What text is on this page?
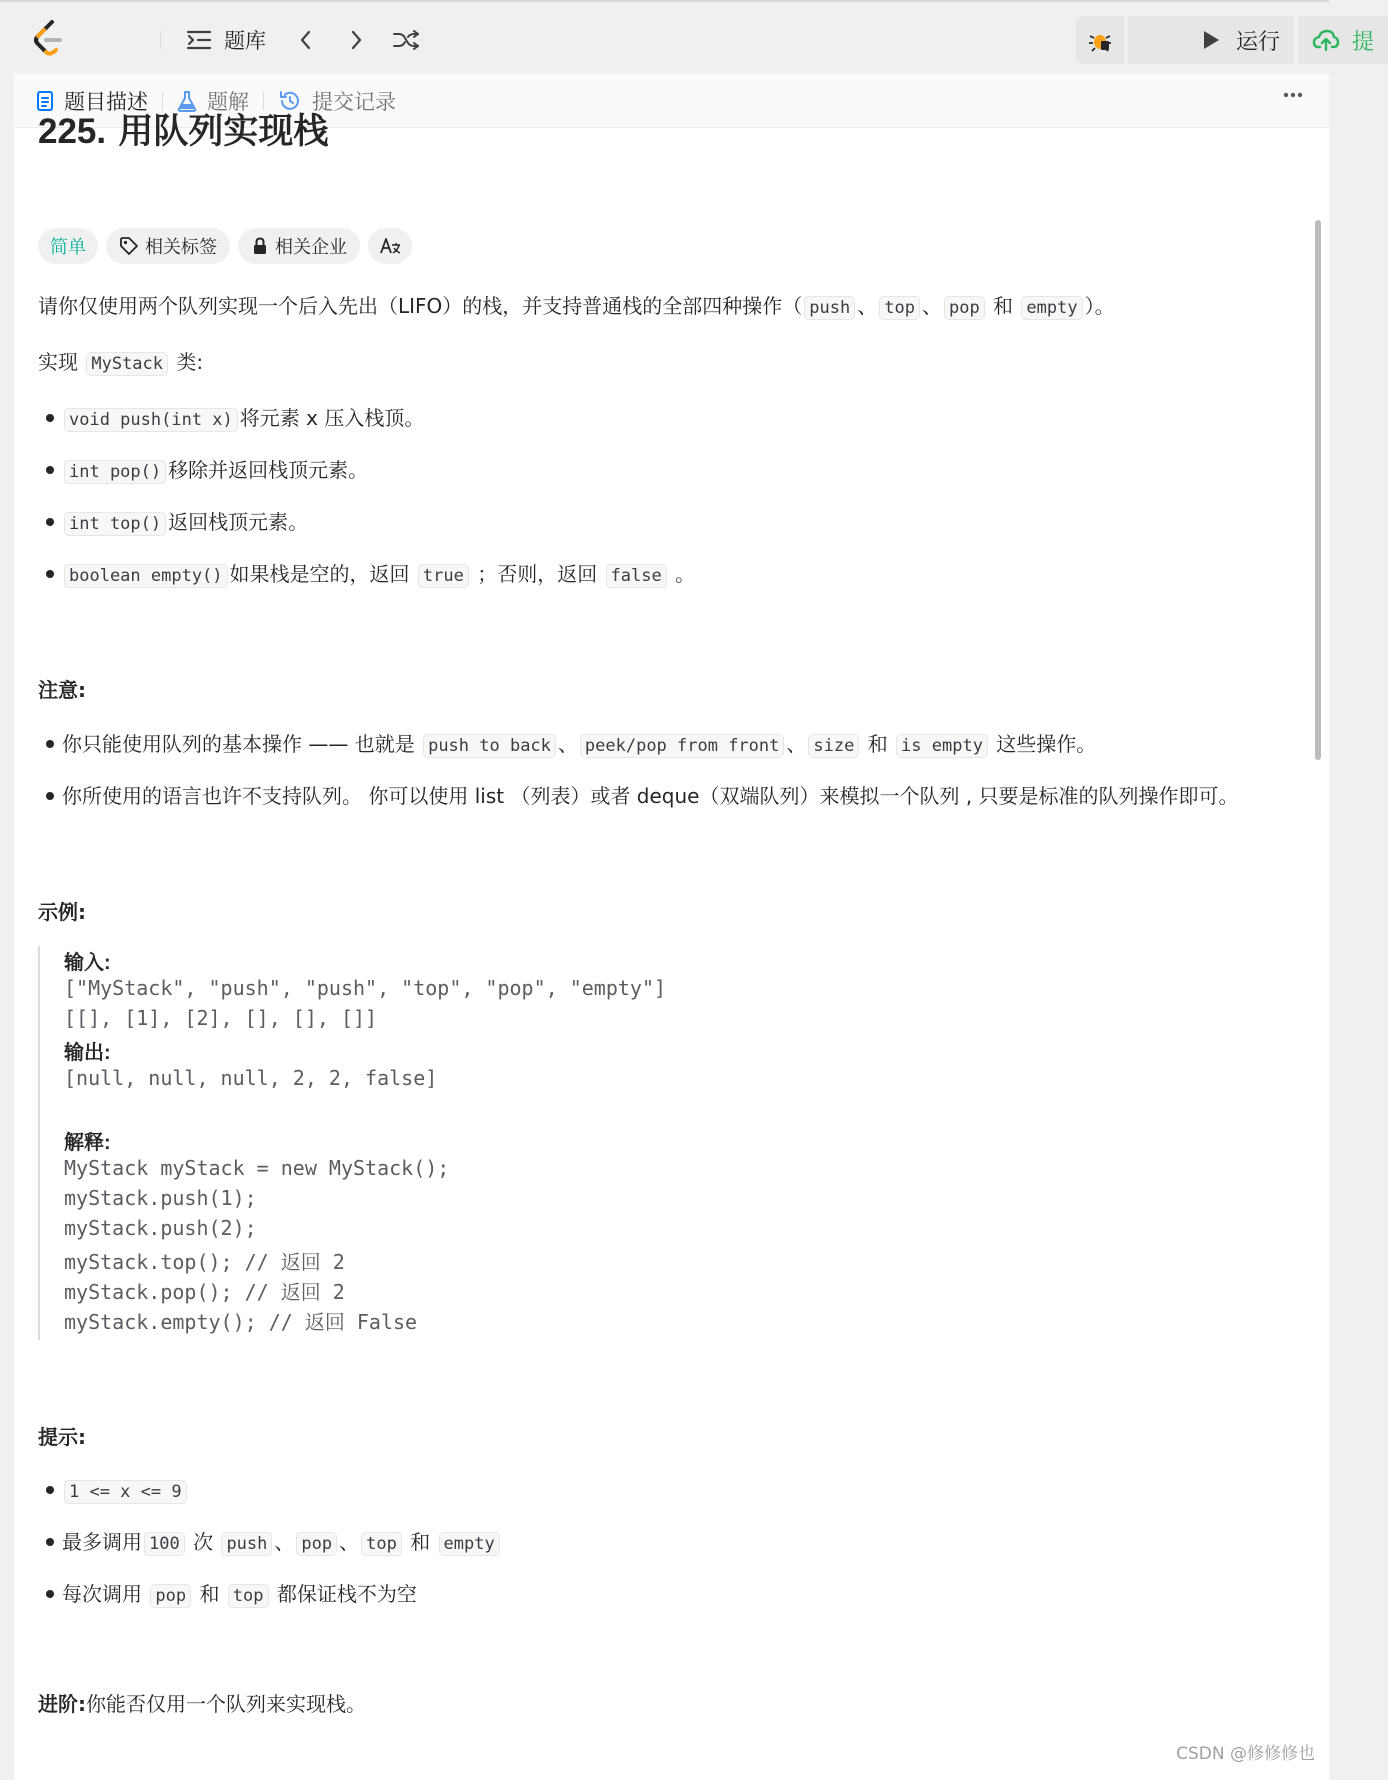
题库	运行	提
题目描述	题解	提交记录
225. 用队列实现栈
简单	相关标签	相关企业
请你仅使用两个队列实现一个后入先出（LIFO）的栈，并支持普通栈的全部四种操作（ push 、 top 、 pop 和 empty ）。
实现 MyStack 类:
void push(int x) 将元素 x 压入栈顶。
int pop() 移除并返回栈顶元素。
int top() 返回栈顶元素。
boolean empty() 如果栈是空的，返回 true ；否则，返回 false 。
注意:
你只能使用队列的基本操作 —— 也就是 push to back 、 peek/pop from front 、 size 和 is empty 这些操作。
你所使用的语言也许不支持队列。 你可以使用 list （列表）或者 deque（双端队列）来模拟一个队列 , 只要是标准的队列操作即可。
示例:
输入:
["MyStack", "push", "push", "top", "pop", "empty"]
[[], [1], [2], [], [], []]
输出:
[null, null, null, 2, 2, false]
解释:
MyStack myStack = new MyStack();
myStack.push(1);
myStack.push(2);
myStack.top(); // 返回 2
myStack.pop(); // 返回 2
myStack.empty(); // 返回 False
提示:
1 <= x <= 9
最多调用 100 次 push 、 pop 、 top 和 empty
每次调用 pop 和 top 都保证栈不为空
进阶:你能否仅用一个队列来实现栈。
CSDN @修修修也
